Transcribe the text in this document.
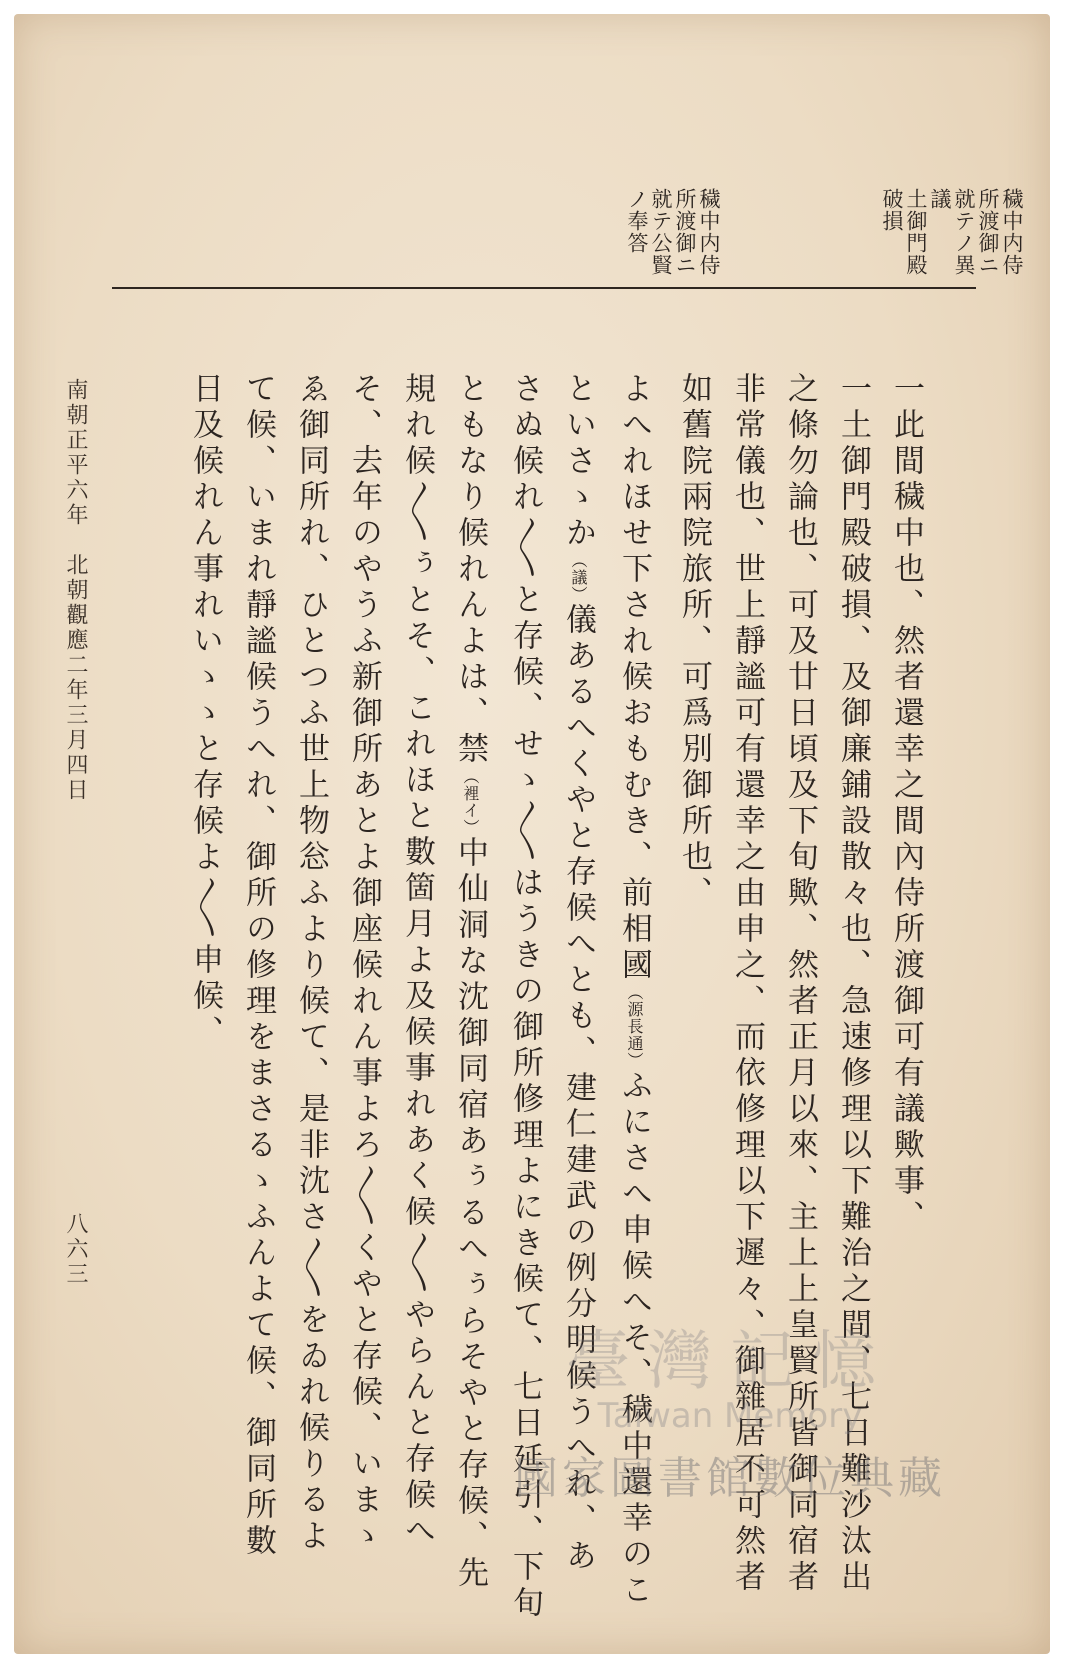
穢中内侍
所渡御ニ
就テノ異
議
土御門殿
破損
穢中内侍
所渡御ニ
就テ公賢
ノ奉答
一此間穢中也、然者還幸之間內侍所渡御可有議歟事、
一土御門殿破損、及御廉鋪設散々也、急速修理以下難治之間、七日難沙汰出
之條勿論也、可及廿日頃及下旬歟、然者正月以來、主上上皇賢所皆御同宿者
非常儀也、世上靜謐可有還幸之由申之、而依修理以下遲々、御雜居不可然者
如舊院兩院旅所、可爲別御所也、
よへれほせ下され候おもむき、前相國（源長通）ふにさへ申候へそ、穢中還幸のこ
といさゝか（議）儀あるへくやと存候へとも、建仁建武の例分明候うへれ、あ
さぬ候れ〳〵と存候、せゝ〳〵はうきの御所修理よにき候て、七日延引、下旬
ともなり候れんよは、禁（裡イ）中仙洞な沈御同宿あぅるへぅらそやと存候、先
規れ候〳〵ぅとそ、これほと數箇月よ及候事れあく候〳〵やらんと存候へ
そ、去年のやうふ新御所あとよ御座候れん事よろ〳〵くやと存候、いまゝ
ゑ御同所れ、ひとつふ世上物忩ふより候て、是非沈さ〳〵をゐれ候りるよ
て候、いまれ靜謐候うへれ、御所の修理をまさるゝふんよて候、御同所數
日及候れん事れいゝゝと存候よ〳〵申候、
南朝正平六年　北朝觀應二年三月四日
八六三
臺灣記憶
Taiwan Memory
國家圖書館數位典藏
